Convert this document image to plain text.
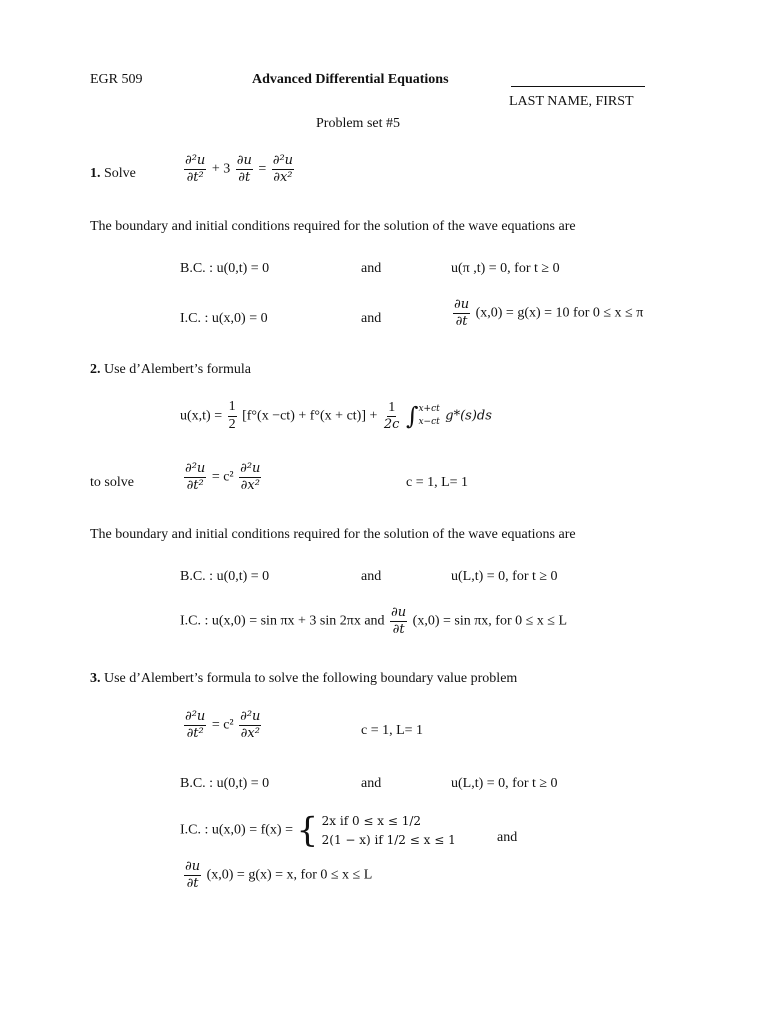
EGR 509	Advanced Differential Equations
LAST NAME, FIRST
Problem set #5
1. Solve	$\frac{\text{∂²u}}{\text{∂t²}} + 3 \frac{\partial u}{\partial t} = \frac{\text{∂²u}}{\text{∂x²}}$
The boundary and initial conditions required for the solution of the wave equations are
B.C. : u(0,t) = 0	and	u(π ,t) = 0, for t ≥ 0
I.C. : u(x,0) = 0	and	$\frac{\partial u}{\partial t} (x,0) = g(x) = 10$ for 0 ≤ x ≤ π
2. Use d’Alembert’s formula
$u(x,t) = \frac{1}{2} [f^\circ(x -ct) + f^\circ(x + ct)] + \frac{1}{2c}$ ∫ x+ct
x−ct g*(s)ds
to solve	$\frac{\text{∂²u}}{\text{∂t²}} = c^2 \frac{\text{∂²u}}{\text{∂x²}}$	c = 1, L= 1
The boundary and initial conditions required for the solution of the wave equations are
B.C. : u(0,t) = 0	and	u(L,t) = 0, for t ≥ 0
I.C. : u(x,0) = sin πx + 3 sin 2πx and $\frac{\partial u}{\partial t} (x,0) = \sin \pi x$, for 0 ≤ x ≤ L
3. Use d’Alembert’s formula to solve the following boundary value problem
$\frac{\text{∂²u}}{\text{∂t²}} = c^2 \frac{\text{∂²u}}{\text{∂x²}}$	c = 1, L= 1
B.C. : u(0,t) = 0	and	u(L,t) = 0, for t ≥ 0
I.C. : u(x,0) = f(x) = { 2x if 0 ≤ x ≤ 1/2
2(1 − x) if 1/2 ≤ x ≤ 1	and
$\frac{\partial u}{\partial t} (x,0) = g(x) = x$, for 0 ≤ x ≤ L
